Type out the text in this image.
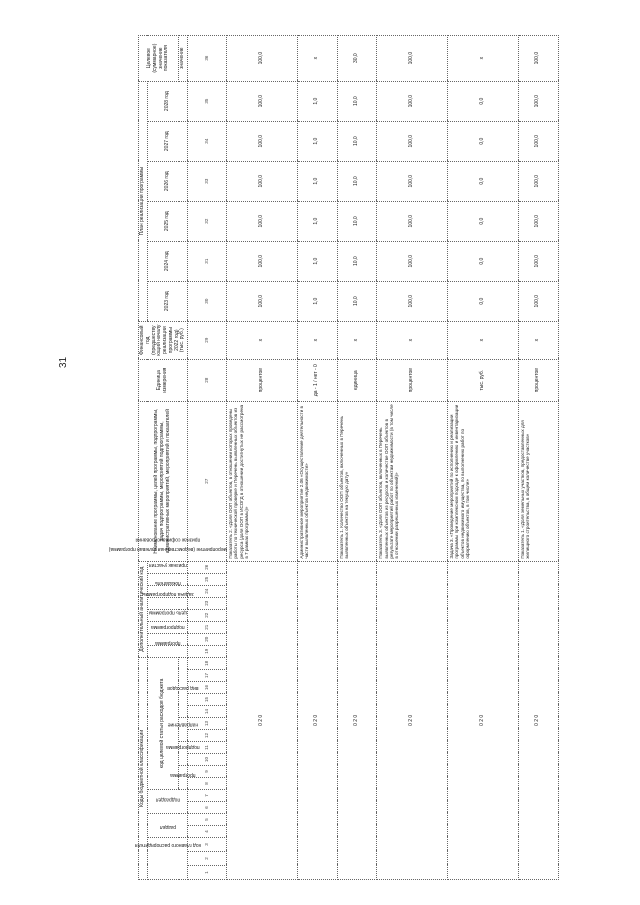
31
Коды бюджетной классификации																		Дополнительный аналитический код								Наименование программы, целей программы, подпрограммы, задач подпрограммы, мероприятий подпрограммы, административных мероприятий, мероприятий и показателей	Единица измерения	Финансовый год (предшествующий началу реализации программы 2022 год) (тыс. руб.)	План реализации программы						Целевое (суммарное) значение показателя	
код главного распорядителя			раздел		подраздел		код целевой статьи расходов бюджета											программа	подпрограмма	цель программы	задача подпрограммы	мероприятие (ведомственная целевая программа)	показатель	признак участия	признак софинансирования				2023 год	2024 год	2025 год	2026 год	2027 год	2028 год		
							программа		подпрограмма		направление		вид расходов																						значение	
1	2	3	4	5	6	7	8	9	10	11	12	13	14	15	16	17	18	19	20	21	22	23	24	25	26	27	28	29	30	31	32	33	34	35	36	
0 2 0																										Показатель 2. «Доля ООП объектов, в отношении которых проведены работы по технической проверке и Перечень выявленных объектов из ресурса (доля ООП в ИСОГД в отношении достигнутых не рассмотрена в 7 рамках программы)»	процентов	x	100,0	100,0	100,0	100,0	100,0	100,0	100,0	
0 2 0																										Административное мероприятие 2.06 «Осуществление деятельности в части выявленных объектов недвижимости»	да - 1 / нет - 0	x	1,0	1,0	1,0	1,0	1,0	1,0	x	
0 2 0																										Показатель 1. Количество ООП объектов, включенных в Перечень выявленных объектов на текущую дату»	единица	x	10,0	10,0	10,0	10,0	10,0	10,0	30,0	
0 2 0																										Показатель 3. «Доля ООП объектов, включенных в Перечень выявленных объектов из ресурсов и количестве ООП объектов в результате мероприятий работ по объектам недвижимости (в том числе в отношении разрешенных изменений)»	процентов	x	100,0	100,0	100,0	100,0	100,0	100,0	100,0	
0 2 0																										Задача 3. «Проведение мероприятий по исполнению и реализации программы при комплексном подходе к оформлению и инвентаризации объектов недвижимого имущества, по выполнению работ по оформлению объектов, в том числе»	тыс. руб.	x	0,0	0,0	0,0	0,0	0,0	0,0	x	
0 2 0																										Показатель 1. «Доля земельных участков, предоставленных для жилищного строительства, в общем количестве участков»	процентов	x	100,0	100,0	100,0	100,0	100,0	100,0	100,0	
